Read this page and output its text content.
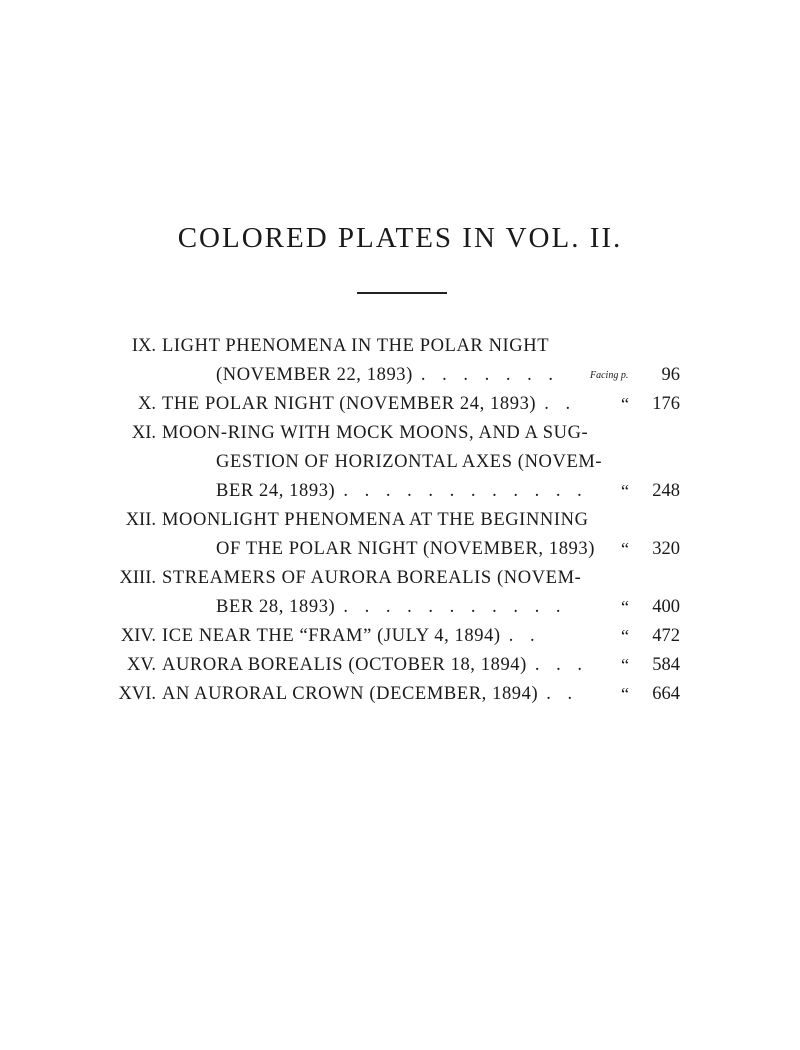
COLORED PLATES IN VOL. II.
IX. LIGHT PHENOMENA IN THE POLAR NIGHT
(NOVEMBER 22, 1893) . . . . . . .	Facing p.	96
X. THE POLAR NIGHT (NOVEMBER 24, 1893) . . “	176
XI. MOON-RING WITH MOCK MOONS, AND A SUG-
GESTION OF HORIZONTAL AXES (NOVEM-
BER 24, 1893) . . . . . . . . . . . . “	248
XII. MOONLIGHT PHENOMENA AT THE BEGINNING
OF THE POLAR NIGHT (NOVEMBER, 1893) “	320
XIII. STREAMERS OF AURORA BOREALIS (NOVEM-
BER 28, 1893) . . . . . . . . . . .	“	400
XIV. ICE NEAR THE “FRAM” (JULY 4, 1894) . .	“	472
XV. AURORA BOREALIS (OCTOBER 18, 1894) . . . “	584
XVI. AN AURORAL CROWN (DECEMBER, 1894) . . “	664
